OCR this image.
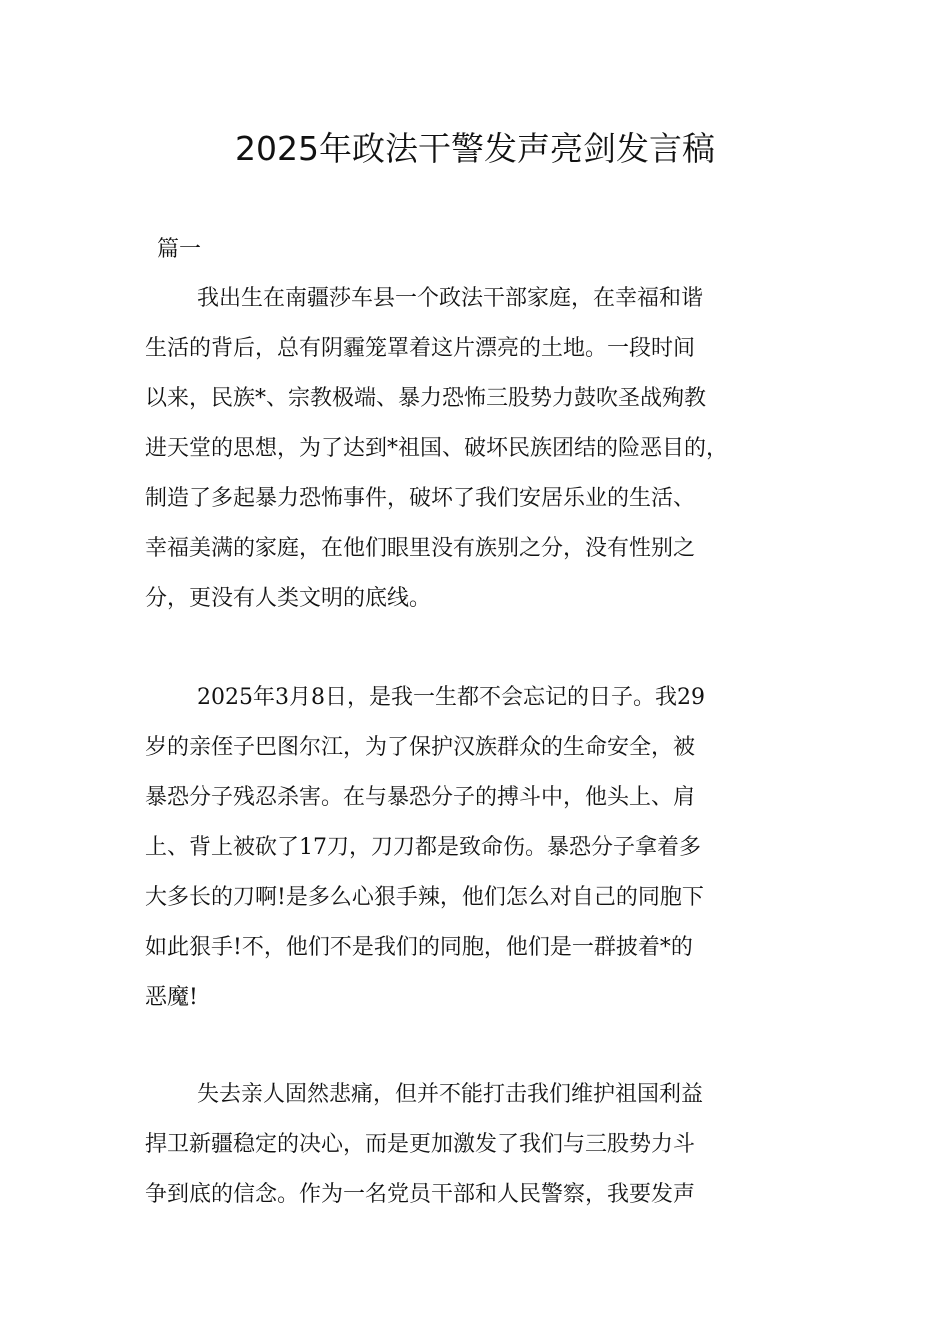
2025年政法干警发声亮剑发言稿

篇一

我出生在南疆莎车县一个政法干部家庭，在幸福和谐
生活的背后，总有阴霾笼罩着这片漂亮的土地。一段时间
以来，民族*、宗教极端、暴力恐怖三股势力鼓吹圣战殉教
进天堂的思想，为了达到*祖国、破坏民族团结的险恶目的，
制造了多起暴力恐怖事件，破坏了我们安居乐业的生活、
幸福美满的家庭，在他们眼里没有族别之分，没有性别之
分，更没有人类文明的底线。
2025年3月8日，是我一生都不会忘记的日子。我29
岁的亲侄子巴图尔江，为了保护汉族群众的生命安全，被
暴恐分子残忍杀害。在与暴恐分子的搏斗中，他头上、肩
上、背上被砍了17刀，刀刀都是致命伤。暴恐分子拿着多
大多长的刀啊!是多么心狠手辣，他们怎么对自己的同胞下
如此狠手!不，他们不是我们的同胞，他们是一群披着*的
恶魔!
失去亲人固然悲痛，但并不能打击我们维护祖国利益
捍卫新疆稳定的决心，而是更加激发了我们与三股势力斗
争到底的信念。作为一名党员干部和人民警察，我要发声
